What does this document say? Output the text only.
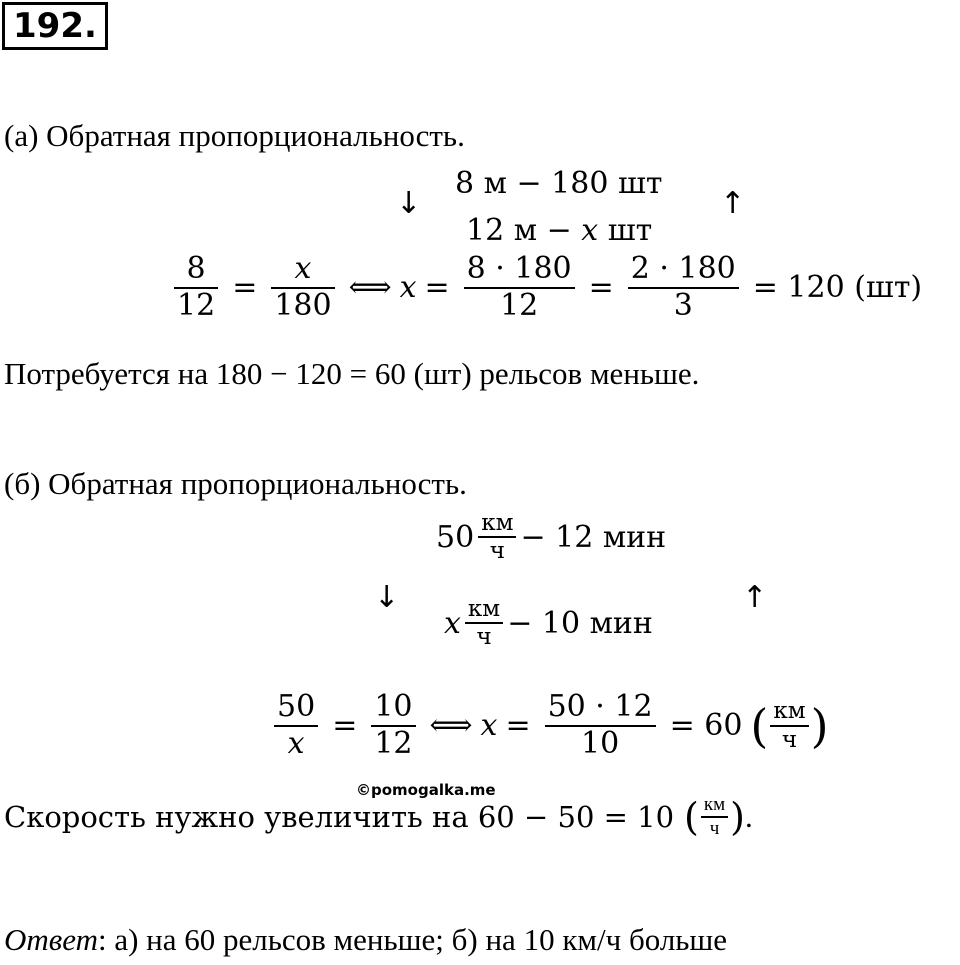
192.
(а) Обратная пропорциональность.
↓	↑
8 м − 180 шт
12 м − x шт
$\frac{8}{12} = \frac{x}{180}$ ⟺ $x = \frac{8 \cdot 180}{12} = \frac{2 \cdot 180}{3} = 120$ (шт)
Потребуется на 180 − 120 = 60 (шт) рельсов меньше.
(б) Обратная пропорциональность.
↓	↑
$50 \frac{км}{ч} - 12$ мин
x $\frac{км}{ч} - 10$ мин
$\frac{50}{x} = \frac{10}{12}$ ⟺ $x = \frac{50 \cdot 12}{10} = 60$ ( $\frac{км}{ч}$ )
©pomogalka.me
Скорость нужно увеличить на 60 − 50 = 10 ( $\frac{км}{ч}$ ) .
Ответ: а) на 60 рельсов меньше; б) на 10 км/ч больше
